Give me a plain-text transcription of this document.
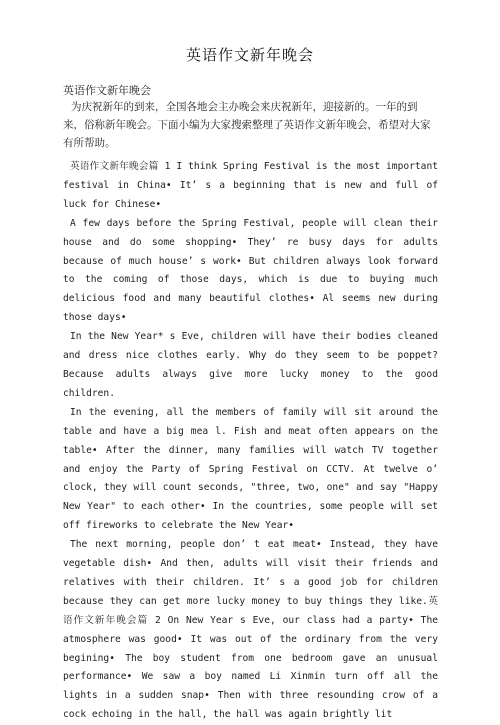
英语作文新年晚会
英语作文新年晚会

为庆祝新年的到来，全国各地会主办晚会来庆祝新年，迎接新的。一年的到来，俗称新年晚会。下面小编为大家搜索整理了英语作文新年晚会，希望对大家有所帮助。

英语作文新年晚会篇 1 I think Spring Festival is the most important festival in China• It’ s a beginning that is new and full of luck for Chinese•

A few days before the Spring Festival, people will clean their house and do some shopping• They’ re busy days for adults because of much house’ s work• But children always look forward to the coming of those days, which is due to buying much delicious food and many beautiful clothes• Al seems new during those days•

In the New Year* s Eve, children will have their bodies cleaned and dress nice clothes early. Why do they seem to be poppet? Because adults always give more lucky money to the good children.

In the evening, all the members of family will sit around the table and have a big mea l. Fish and meat often appears on the table• After the dinner, many families will watch TV together and enjoy the Party of Spring Festival on CCTV. At twelve o’ clock, they will count seconds, "three, two, one" and say "Happy New Year" to each other• In the countries, some people will set off fireworks to celebrate the New Year•

The next morning, people don’ t eat meat• Instead, they have vegetable dish• And then, adults will visit their friends and relatives with their children. It’ s a good job for children because they can get more lucky money to buy things they like.英语作文新年晚会篇 2 On New Year s Eve, our class had a party• The atmosphere was good• It was out of the ordinary from the very begining• The boy student from one bedroom gave an unusual performance• We saw a boy named Li Xinmin turn off all the lights in a sudden snap• Then with three resounding crow of a cock echoing in the hall, the hall was again brightly lit
